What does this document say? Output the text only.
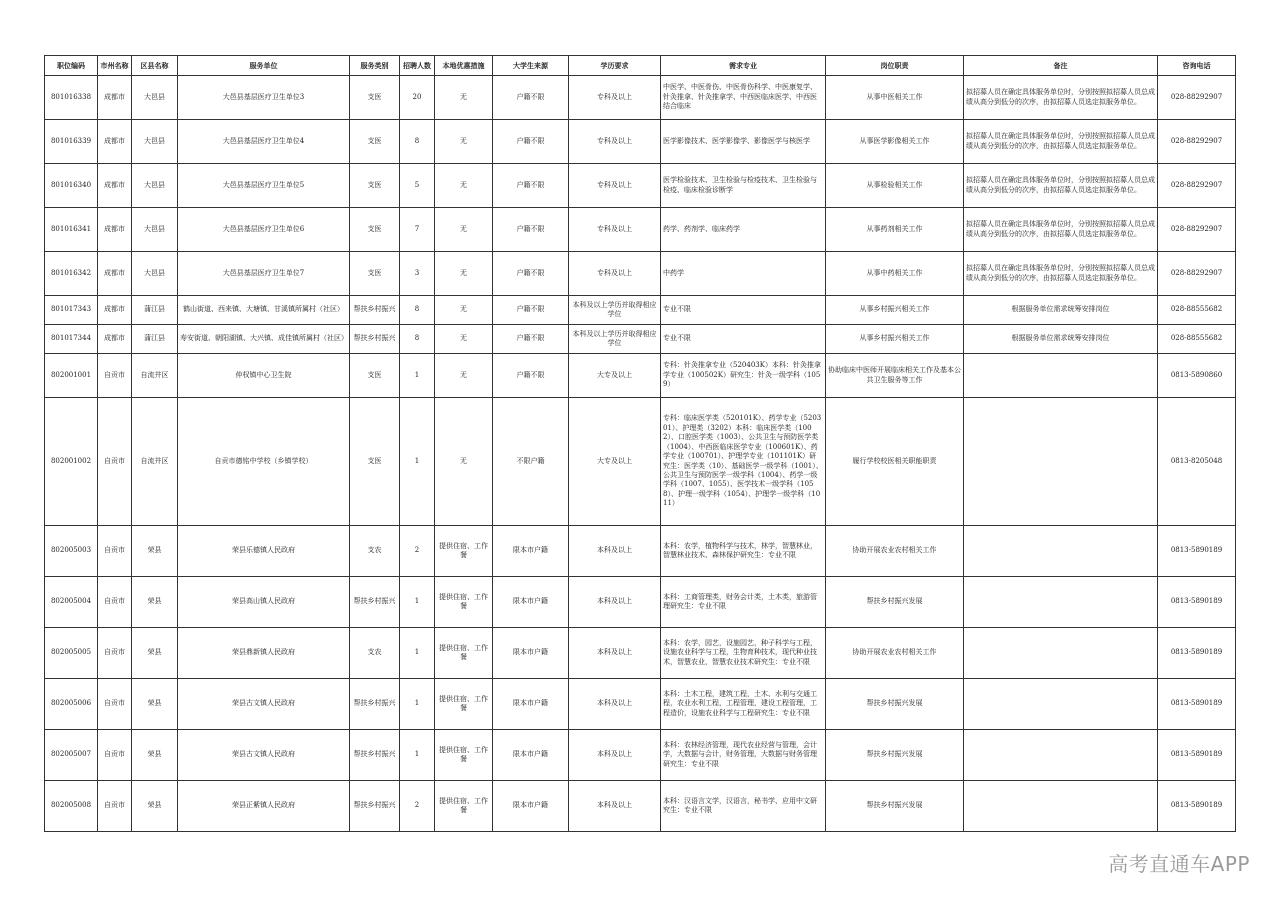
职位编码	市州名称	区县名称	服务单位	服务类别	招聘人数	本地优惠措施	大学生来源	学历要求	需求专业	岗位职责	备注	咨询电话
801016338	成都市	大邑县	大邑县基层医疗卫生单位3	支医	20	无	户籍不限	专科及以上	中医学、中医骨伤、中医骨伤科学、中医康复学、针灸推拿、针灸推拿学、中西医临床医学、中西医结合临床	从事中医相关工作	拟招募人员在确定具体服务单位时，分别按照拟招募人员总成绩从高分到低分的次序，由拟招募人员选定拟服务单位。	028-88292907
801016339	成都市	大邑县	大邑县基层医疗卫生单位4	支医	8	无	户籍不限	专科及以上	医学影像技术、医学影像学、影像医学与核医学	从事医学影像相关工作	拟招募人员在确定具体服务单位时，分别按照拟招募人员总成绩从高分到低分的次序，由拟招募人员选定拟服务单位。	028-88292907
801016340	成都市	大邑县	大邑县基层医疗卫生单位5	支医	5	无	户籍不限	专科及以上	医学检验技术、卫生检验与检疫技术、卫生检验与检疫、临床检验诊断学	从事检验相关工作	拟招募人员在确定具体服务单位时，分别按照拟招募人员总成绩从高分到低分的次序，由拟招募人员选定拟服务单位。	028-88292907
801016341	成都市	大邑县	大邑县基层医疗卫生单位6	支医	7	无	户籍不限	专科及以上	药学、药剂学、临床药学	从事药剂相关工作	拟招募人员在确定具体服务单位时，分别按照拟招募人员总成绩从高分到低分的次序，由拟招募人员选定拟服务单位。	028-88292907
801016342	成都市	大邑县	大邑县基层医疗卫生单位7	支医	3	无	户籍不限	专科及以上	中药学	从事中药相关工作	拟招募人员在确定具体服务单位时，分别按照拟招募人员总成绩从高分到低分的次序，由拟招募人员选定拟服务单位。	028-88292907
801017343	成都市	蒲江县	鹤山街道、西来镇、大塘镇、甘溪镇所属村（社区）	帮扶乡村振兴	8	无	户籍不限	本科及以上学历并取得相应学位	专业不限	从事乡村振兴相关工作	根据服务单位需求统筹安排岗位	028-88555682
801017344	成都市	蒲江县	寿安街道、朝阳湖镇、大兴镇、成佳镇所属村（社区）	帮扶乡村振兴	8	无	户籍不限	本科及以上学历并取得相应学位	专业不限	从事乡村振兴相关工作	根据服务单位需求统筹安排岗位	028-88555682
802001001	自贡市	自流井区	仲权镇中心卫生院	支医	1	无	户籍不限	大专及以上	专科：针灸推拿专业（520403K）本科：针灸推拿学专业（100502K）研究生：针灸一级学科（1059）	协助临床中医师开展临床相关工作及基本公共卫生服务等工作		0813-5890860
802001002	自贡市	自流井区	自贡市德铭中学校（乡镇学校）	支医	1	无	不限户籍	大专及以上	专科：临床医学类（520101K）、药学专业（520301）、护理类（3202）本科：临床医学类（1002）、口腔医学类（1003）、公共卫生与预防医学类（1004）、中西医临床医学专业（100601K）、药学专业（100701）、护理学专业（101101K）研究生：医学类（10）、基础医学一级学科（1001）、公共卫生与预防医学一级学科（1004）、药学一级学科（1007、1055）、医学技术一级学科（1058）、护理一级学科（1054）、护理学一级学科（1011）	履行学校校医相关职能职责		0813-8205048
802005003	自贡市	荣县	荣县乐德镇人民政府	支农	2	提供住宿、工作餐	限本市户籍	本科及以上	本科：农学，植物科学与技术，林学，智慧林业，智慧林业技术、森林保护研究生：专业不限	协助开展农业农村相关工作		0813-5890189
802005004	自贡市	荣县	荣县高山镇人民政府	帮扶乡村振兴	1	提供住宿、工作餐	限本市户籍	本科及以上	本科：工商管理类，财务会计类，土木类，旅游管理研究生：专业不限	帮扶乡村振兴发展		0813-5890189
802005005	自贡市	荣县	荣县鼎新镇人民政府	支农	1	提供住宿、工作餐	限本市户籍	本科及以上	本科：农学，园艺，设施园艺，种子科学与工程，设施农业科学与工程，生物育种技术，现代种业技术，智慧农业，智慧农业技术研究生：专业不限	协助开展农业农村相关工作		0813-5890189
802005006	自贡市	荣县	荣县古文镇人民政府	帮扶乡村振兴	1	提供住宿、工作餐	限本市户籍	本科及以上	本科：土木工程，建筑工程，土木、水利与交通工程，农业水利工程，工程管理，建设工程管理，工程造价，设施农业科学与工程研究生：专业不限	帮扶乡村振兴发展		0813-5890189
802005007	自贡市	荣县	荣县古文镇人民政府	帮扶乡村振兴	1	提供住宿、工作餐	限本市户籍	本科及以上	本科：农林经济管理，现代农业经营与管理，会计学，大数据与会计，财务管理，大数据与财务管理研究生：专业不限	帮扶乡村振兴发展		0813-5890189
802005008	自贡市	荣县	荣县正紫镇人民政府	帮扶乡村振兴	2	提供住宿、工作餐	限本市户籍	本科及以上	本科：汉语言文学，汉语言，秘书学、应用中文研究生：专业不限	帮扶乡村振兴发展		0813-5890189
高考直通车APP
